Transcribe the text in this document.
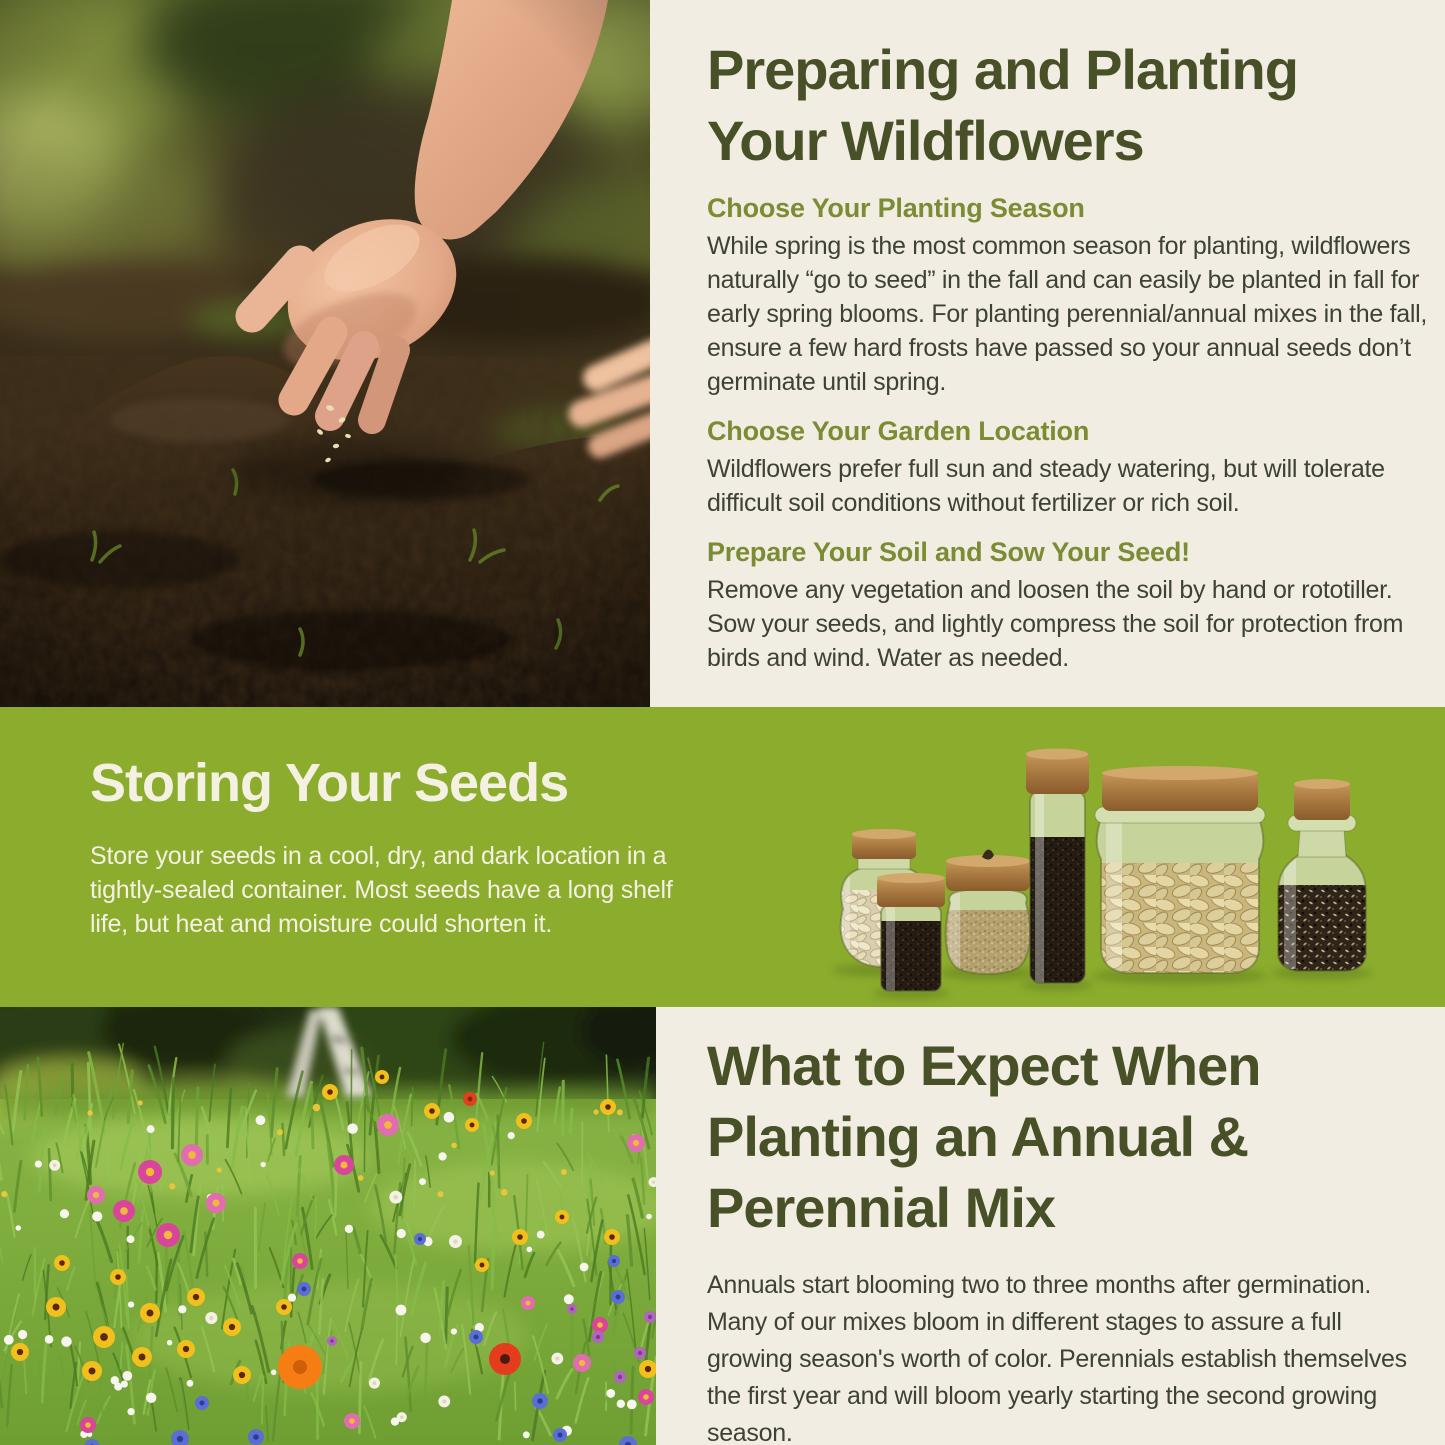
Preparing and Planting Your Wildflowers
Choose Your Planting Season

While spring is the most common season for planting, wildflowers naturally “go to seed” in the fall and can easily be planted in fall for early spring blooms. For planting perennial/annual mixes in the fall, ensure a few hard frosts have passed so your annual seeds don’t germinate until spring.

Choose Your Garden Location

Wildflowers prefer full sun and steady watering, but will tolerate difficult soil conditions without fertilizer or rich soil.

Prepare Your Soil and Sow Your Seed!

Remove any vegetation and loosen the soil by hand or rototiller. Sow your seeds, and lightly compress the soil for protection from birds and wind. Water as needed.

Storing Your Seeds

Store your seeds in a cool, dry, and dark location in a tightly-sealed container. Most seeds have a long shelf life, but heat and moisture could shorten it.

What to Expect When Planting an Annual & Perennial Mix

Annuals start blooming two to three months after germination. Many of our mixes bloom in different stages to assure a full growing season's worth of color. Perennials establish themselves the first year and will bloom yearly starting the second growing season.
